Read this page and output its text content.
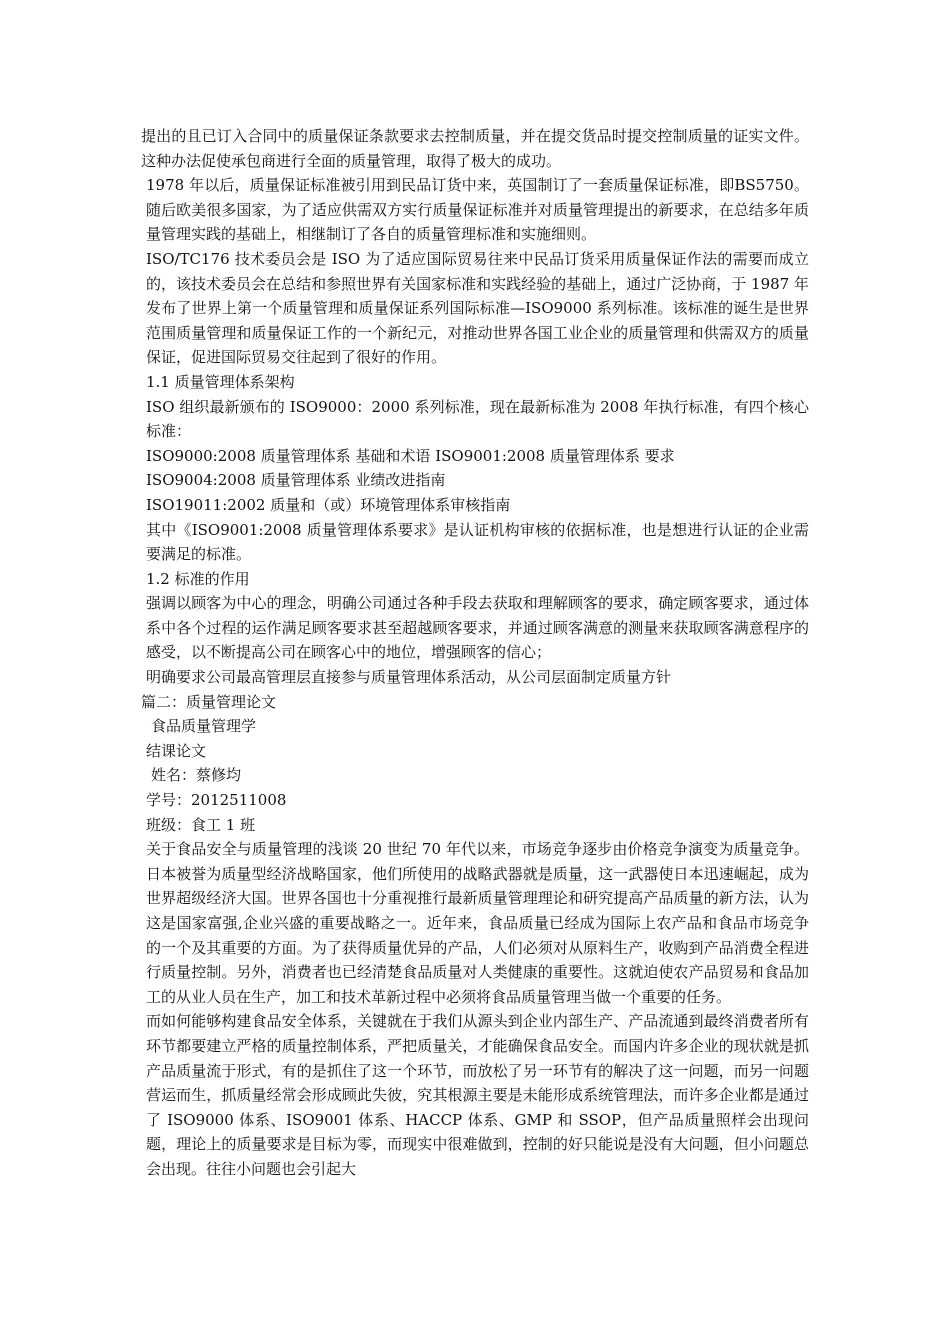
提出的且已订入合同中的质量保证条款要求去控制质量，并在提交货品时提交控制质量的证实文件。这种办法促使承包商进行全面的质量管理，取得了极大的成功。

1978 年以后，质量保证标准被引用到民品订货中来，英国制订了一套质量保证标准，即BS5750。随后欧美很多国家，为了适应供需双方实行质量保证标准并对质量管理提出的新要求，在总结多年质量管理实践的基础上，相继制订了各自的质量管理标准和实施细则。

ISO/TC176 技术委员会是 ISO 为了适应国际贸易往来中民品订货采用质量保证作法的需要而成立的，该技术委员会在总结和参照世界有关国家标准和实践经验的基础上，通过广泛协商，于 1987 年发布了世界上第一个质量管理和质量保证系列国际标准—ISO9000 系列标准。该标准的诞生是世界范围质量管理和质量保证工作的一个新纪元，对推动世界各国工业企业的质量管理和供需双方的质量保证，促进国际贸易交往起到了很好的作用。

1.1 质量管理体系架构

ISO 组织最新颁布的 ISO9000：2000 系列标准，现在最新标准为 2008 年执行标准，有四个核心标准：

ISO9000:2008 质量管理体系 基础和术语 ISO9001:2008 质量管理体系 要求

ISO9004:2008 质量管理体系 业绩改进指南

ISO19011:2002 质量和（或）环境管理体系审核指南

其中《ISO9001:2008 质量管理体系要求》是认证机构审核的依据标准，也是想进行认证的企业需要满足的标准。

1.2 标准的作用

强调以顾客为中心的理念，明确公司通过各种手段去获取和理解顾客的要求，确定顾客要求，通过体系中各个过程的运作满足顾客要求甚至超越顾客要求，并通过顾客满意的测量来获取顾客满意程序的感受，以不断提高公司在顾客心中的地位，增强顾客的信心；

明确要求公司最高管理层直接参与质量管理体系活动，从公司层面制定质量方针

篇二：质量管理论文

食品质量管理学

结课论文

姓名：蔡修均

学号：2012511008

班级：食工 1 班

关于食品安全与质量管理的浅谈 20 世纪 70 年代以来，市场竞争逐步由价格竞争演变为质量竞争。日本被誉为质量型经济战略国家，他们所使用的战略武器就是质量，这一武器使日本迅速崛起，成为世界超级经济大国。世界各国也十分重视推行最新质量管理理论和研究提高产品质量的新方法，认为这是国家富强,企业兴盛的重要战略之一。近年来，食品质量已经成为国际上农产品和食品市场竞争的一个及其重要的方面。为了获得质量优异的产品，人们必须对从原料生产，收购到产品消费全程进行质量控制。另外，消费者也已经清楚食品质量对人类健康的重要性。这就迫使农产品贸易和食品加工的从业人员在生产，加工和技术革新过程中必须将食品质量管理当做一个重要的任务。

而如何能够构建食品安全体系，关键就在于我们从源头到企业内部生产、产品流通到最终消费者所有环节都要建立严格的质量控制体系，严把质量关，才能确保食品安全。而国内许多企业的现状就是抓产品质量流于形式，有的是抓住了这一个环节，而放松了另一环节有的解决了这一问题，而另一问题营运而生，抓质量经常会形成顾此失彼，究其根源主要是未能形成系统管理法，而许多企业都是通过了 ISO9000 体系、ISO9001 体系、HACCP 体系、GMP 和 SSOP，但产品质量照样会出现问题，理论上的质量要求是目标为零，而现实中很难做到，控制的好只能说是没有大问题，但小问题总会出现。往往小问题也会引起大
